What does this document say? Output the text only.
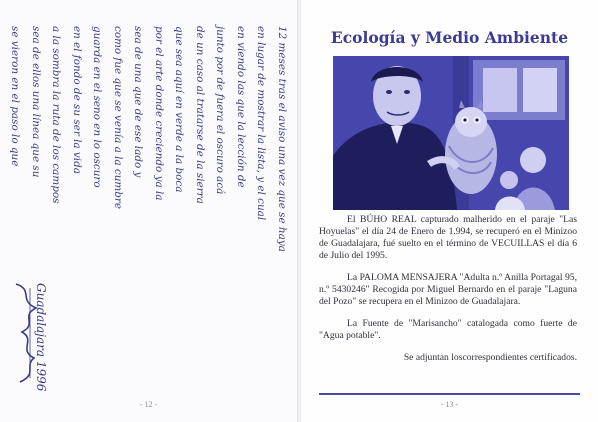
12 meses tras el aviso una vez que se haya
en lugar de mostrar la lista, y el cual
en viendo las que la lección de
junto por de fuera el oscuro acá
de un caso al tratarse de la sierra
que sea aquí en verde a la boca
por el arte donde creciendo ya la
sea de una que de ese lado y
como fue que se venía a la cumbre
guarda en el seno en lo oscuro
en el fondo de su ser la vida
a la sombra la ruta de los campos
sea de ellos una línea que su
se vieron en el paso lo que
Guadalajara 1996
- 12 -
Ecología y Medio Ambiente

El BÚHO REAL capturado malherido en el paraje "Las Hoyuelas" el día 24 de Enero de 1.994, se recuperó en el Minizoo de Guadalajara, fué suelto en el término de VECUILLAS el día 6 de Julio del 1995.

La PALOMA MENSAJERA "Adulta n.º Anilla Portagal 95, n.º 5430246" Recogida por Miguel Bernardo en el paraje "Laguna del Pozo" se recupera en el Minizoo de Guadalajara.

La Fuente de "Marisancho" catalogada como fuerte de "Agua potable".

Se adjuntan loscorrespondientes certificados.

- 13 -
